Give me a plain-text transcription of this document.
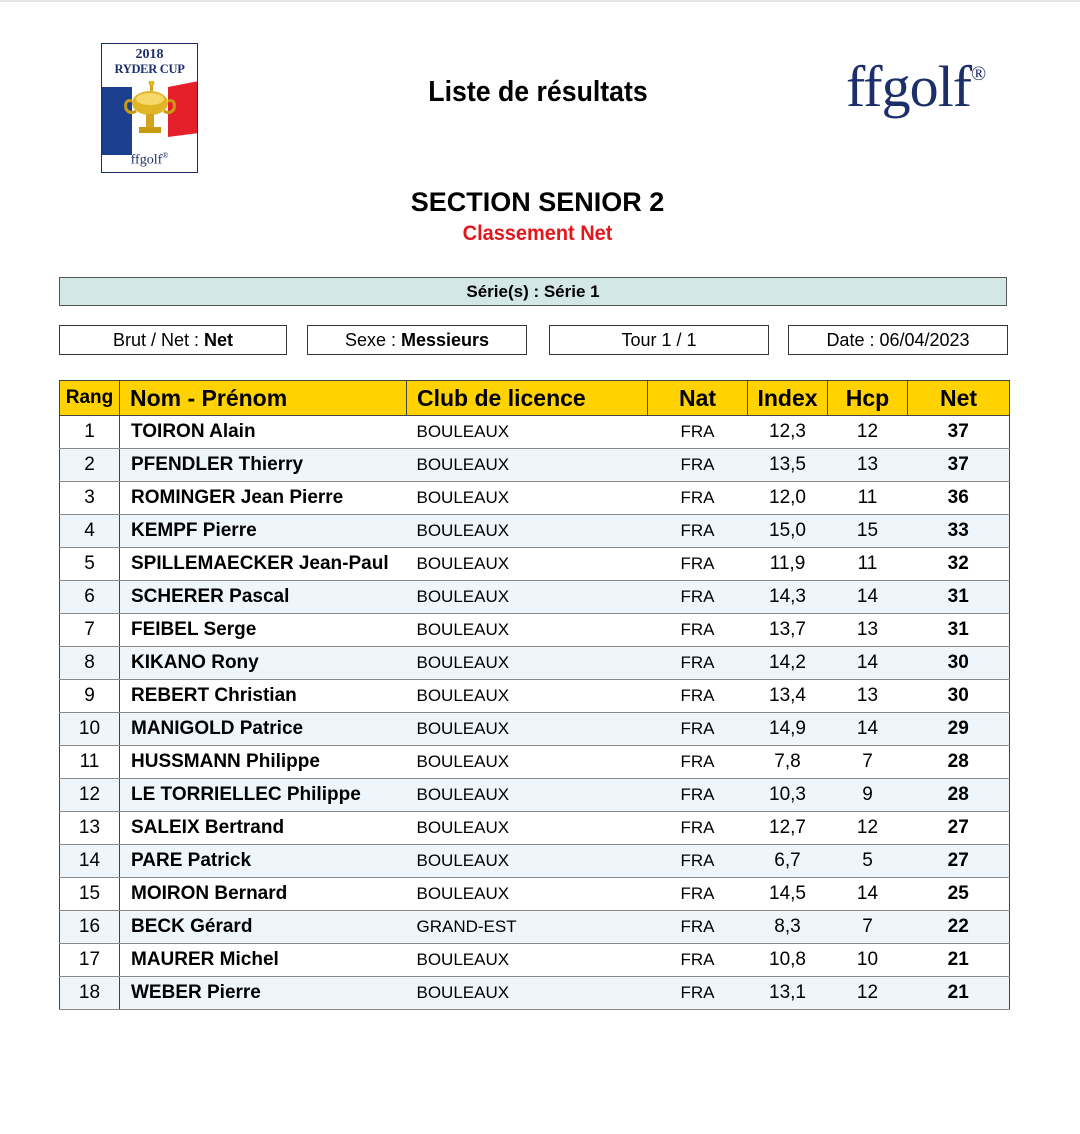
2018
RYDER CUP
ffgolf®
Liste de résultats	ffgolf®
SECTION SENIOR 2
Classement Net
Série(s) : Série 1
Brut / Net : Net	Sexe : Messieurs	Tour 1 / 1	Date : 06/04/2023
Rang	Nom - Prénom	Club de licence	Nat	Index	Hcp	Net
1	TOIRON Alain	BOULEAUX	FRA	12,3	12	37
2	PFENDLER Thierry	BOULEAUX	FRA	13,5	13	37
3	ROMINGER Jean Pierre	BOULEAUX	FRA	12,0	11	36
4	KEMPF Pierre	BOULEAUX	FRA	15,0	15	33
5	SPILLEMAECKER Jean-Paul	BOULEAUX	FRA	11,9	11	32
6	SCHERER Pascal	BOULEAUX	FRA	14,3	14	31
7	FEIBEL Serge	BOULEAUX	FRA	13,7	13	31
8	KIKANO Rony	BOULEAUX	FRA	14,2	14	30
9	REBERT Christian	BOULEAUX	FRA	13,4	13	30
10	MANIGOLD Patrice	BOULEAUX	FRA	14,9	14	29
11	HUSSMANN Philippe	BOULEAUX	FRA	7,8	7	28
12	LE TORRIELLEC Philippe	BOULEAUX	FRA	10,3	9	28
13	SALEIX Bertrand	BOULEAUX	FRA	12,7	12	27
14	PARE Patrick	BOULEAUX	FRA	6,7	5	27
15	MOIRON Bernard	BOULEAUX	FRA	14,5	14	25
16	BECK Gérard	GRAND-EST	FRA	8,3	7	22
17	MAURER Michel	BOULEAUX	FRA	10,8	10	21
18	WEBER Pierre	BOULEAUX	FRA	13,1	12	21
